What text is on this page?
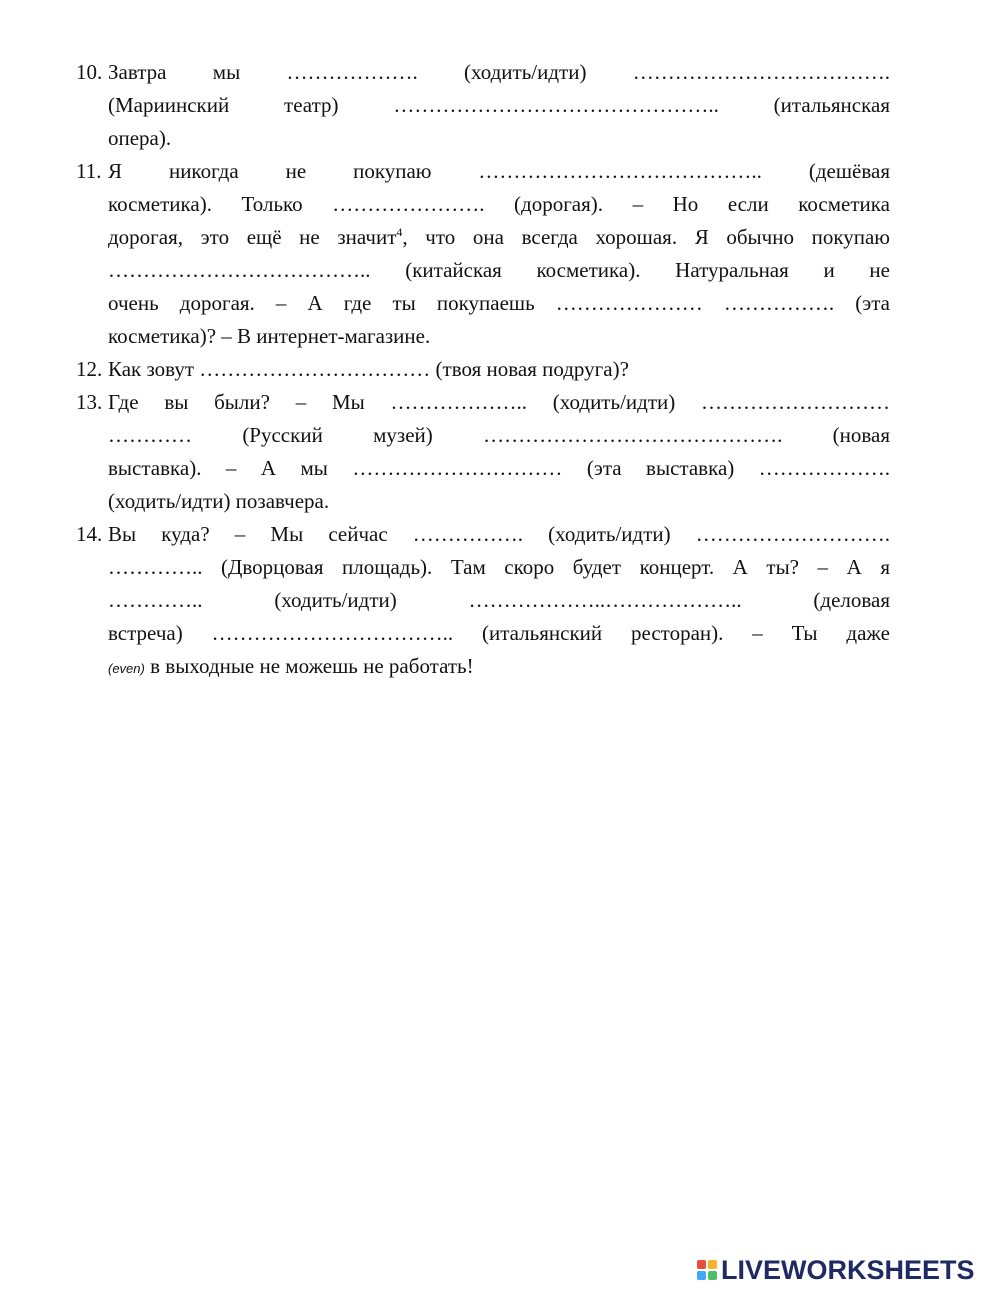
10. Завтра мы ………………. (ходить/идти) ……………………………….
(Мариинский театр) ……………………………………….. (итальянская
опера).
11. Я никогда не покупаю ………………………………….. (дешёвая
косметика). Только …………………. (дорогая). – Но если косметика
дорогая, это ещё не значит$^4$, что она всегда хорошая. Я обычно покупаю
……………………………….. (китайская косметика). Натуральная и не
очень дорогая. – А где ты покупаешь ………………… ……………. (эта
косметика)? – В интернет-магазине.
12. Как зовут …………………………… (твоя новая подруга)?
13. Где вы были? – Мы ……………….. (ходить/идти) ………………………
………… (Русский музей) ……………………………………. (новая
выставка). – А мы ………………………… (эта выставка) ……………….
(ходить/идти) позавчера.
14. Вы куда? – Мы сейчас ……………. (ходить/идти) ……………………….
………….. (Дворцовая площадь). Там скоро будет концерт. А ты? – А я
………….. (ходить/идти) ………………..……………….. (деловая
встреча) …………………………….. (итальянский ресторан). – Ты даже
(even) в выходные не можешь не работать!
LIVEWORKSHEETS
